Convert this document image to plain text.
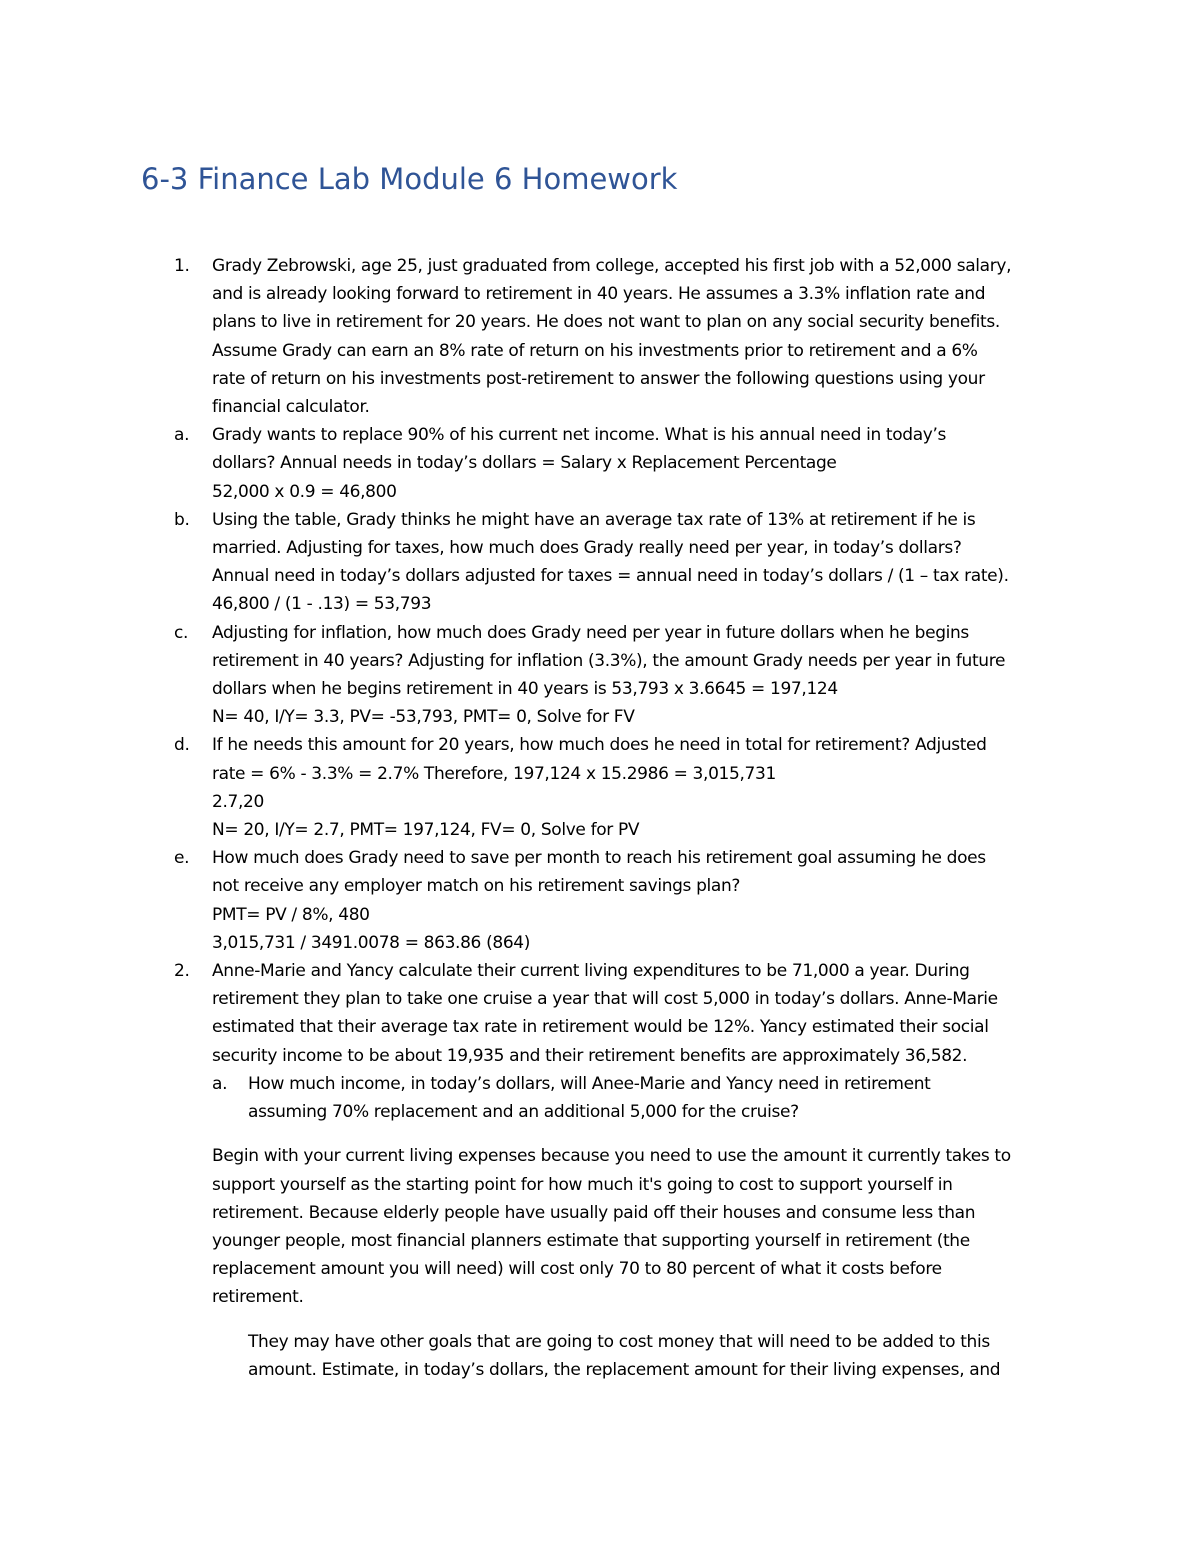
6-3 Finance Lab Module 6 Homework
1. Grady Zebrowski, age 25, just graduated from college, accepted his first job with a 52,000 salary,
and is already looking forward to retirement in 40 years. He assumes a 3.3% inflation rate and
plans to live in retirement for 20 years. He does not want to plan on any social security benefits.
Assume Grady can earn an 8% rate of return on his investments prior to retirement and a 6%
rate of return on his investments post-retirement to answer the following questions using your
financial calculator.
a. Grady wants to replace 90% of his current net income. What is his annual need in today’s
dollars? Annual needs in today’s dollars = Salary x Replacement Percentage
52,000 x 0.9 = 46,800
b. Using the table, Grady thinks he might have an average tax rate of 13% at retirement if he is
married. Adjusting for taxes, how much does Grady really need per year, in today’s dollars?
Annual need in today’s dollars adjusted for taxes = annual need in today’s dollars / (1 – tax rate).
46,800 / (1 - .13) = 53,793
c. Adjusting for inflation, how much does Grady need per year in future dollars when he begins
retirement in 40 years? Adjusting for inflation (3.3%), the amount Grady needs per year in future
dollars when he begins retirement in 40 years is 53,793 x 3.6645 = 197,124
N= 40, I/Y= 3.3, PV= -53,793, PMT= 0, Solve for FV
d. If he needs this amount for 20 years, how much does he need in total for retirement? Adjusted
rate = 6% - 3.3% = 2.7% Therefore, 197,124 x 15.2986 = 3,015,731
2.7,20
N= 20, I/Y= 2.7, PMT= 197,124, FV= 0, Solve for PV
e. How much does Grady need to save per month to reach his retirement goal assuming he does
not receive any employer match on his retirement savings plan?
PMT= PV / 8%, 480
3,015,731 / 3491.0078 = 863.86 (864)
2. Anne-Marie and Yancy calculate their current living expenditures to be 71,000 a year. During
retirement they plan to take one cruise a year that will cost 5,000 in today’s dollars. Anne-Marie
estimated that their average tax rate in retirement would be 12%. Yancy estimated their social
security income to be about 19,935 and their retirement benefits are approximately 36,582.
a. How much income, in today’s dollars, will Anee-Marie and Yancy need in retirement
assuming 70% replacement and an additional 5,000 for the cruise?
Begin with your current living expenses because you need to use the amount it currently takes to
support yourself as the starting point for how much it's going to cost to support yourself in
retirement. Because elderly people have usually paid off their houses and consume less than
younger people, most financial planners estimate that supporting yourself in retirement (the
replacement amount you will need) will cost only 70 to 80 percent of what it costs before
retirement.
They may have other goals that are going to cost money that will need to be added to this
amount. Estimate, in today’s dollars, the replacement amount for their living expenses, and
